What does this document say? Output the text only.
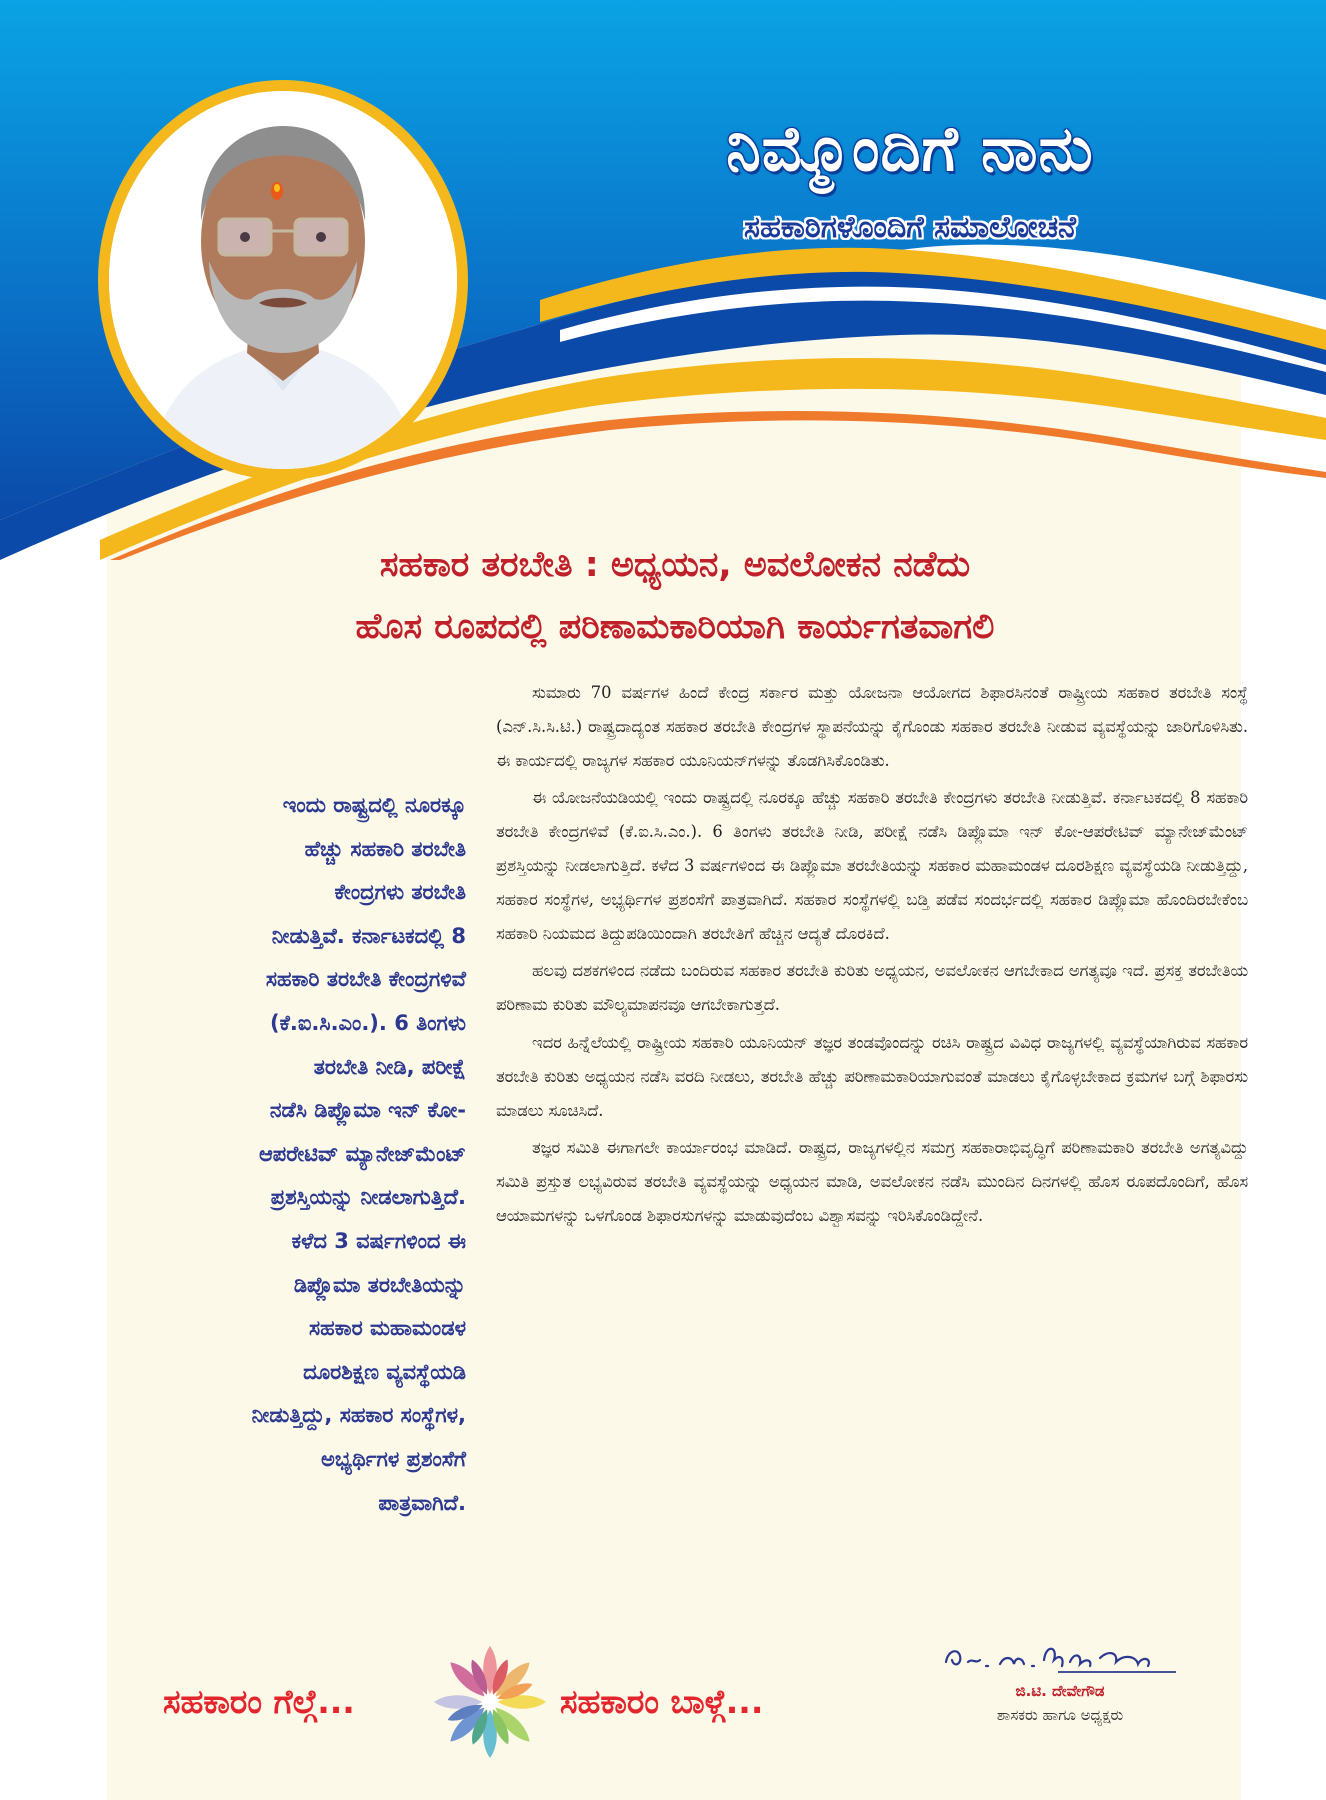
ನಿಮ್ಮೊಂದಿಗೆ ನಾನು
ಸಹಕಾರಿಗಳೊಂದಿಗೆ ಸಮಾಲೋಚನೆ
ಸಹಕಾರ ತರಬೇತಿ : ಅಧ್ಯಯನ, ಅವಲೋಕನ ನಡೆದು
ಹೊಸ ರೂಪದಲ್ಲಿ ಪರಿಣಾಮಕಾರಿಯಾಗಿ ಕಾರ್ಯಗತವಾಗಲಿ
ಇಂದು ರಾಷ್ಟ್ರದಲ್ಲಿ ನೂರಕ್ಕೂ
ಹೆಚ್ಚು ಸಹಕಾರಿ ತರಬೇತಿ
ಕೇಂದ್ರಗಳು ತರಬೇತಿ
ನೀಡುತ್ತಿವೆ. ಕರ್ನಾಟಕದಲ್ಲಿ 8
ಸಹಕಾರಿ ತರಬೇತಿ ಕೇಂದ್ರಗಳಿವೆ
(ಕೆ.ಐ.ಸಿ.ಎಂ.). 6 ತಿಂಗಳು
ತರಬೇತಿ ನೀಡಿ, ಪರೀಕ್ಷೆ
ನಡೆಸಿ ಡಿಪ್ಲೊಮಾ ಇನ್ ಕೋ-
ಆಪರೇಟಿವ್ ಮ್ಯಾನೇಜ್‌ಮೆಂಟ್
ಪ್ರಶಸ್ತಿಯನ್ನು ನೀಡಲಾಗುತ್ತಿದೆ.
ಕಳೆದ 3 ವರ್ಷಗಳಿಂದ ಈ
ಡಿಪ್ಲೊಮಾ ತರಬೇತಿಯನ್ನು
ಸಹಕಾರ ಮಹಾಮಂಡಳ
ದೂರಶಿಕ್ಷಣ ವ್ಯವಸ್ಥೆಯಡಿ
ನೀಡುತ್ತಿದ್ದು, ಸಹಕಾರ ಸಂಸ್ಥೆಗಳ,
ಅಭ್ಯರ್ಥಿಗಳ ಪ್ರಶಂಸೆಗೆ
ಪಾತ್ರವಾಗಿದೆ.

ಸುಮಾರು 70 ವರ್ಷಗಳ ಹಿಂದೆ ಕೇಂದ್ರ ಸರ್ಕಾರ ಮತ್ತು ಯೋಜನಾ ಆಯೋಗದ ಶಿಫಾರಸಿನಂತೆ ರಾಷ್ಟ್ರೀಯ ಸಹಕಾರ ತರಬೇತಿ ಸಂಸ್ಥೆ (ಎನ್.ಸಿ.ಸಿ.ಟಿ.) ರಾಷ್ಟ್ರದಾದ್ಯಂತ ಸಹಕಾರ ತರಬೇತಿ ಕೇಂದ್ರಗಳ ಸ್ಥಾಪನೆಯನ್ನು ಕೈಗೊಂಡು ಸಹಕಾರ ತರಬೇತಿ ನೀಡುವ ವ್ಯವಸ್ಥೆಯನ್ನು ಜಾರಿಗೊಳಿಸಿತು. ಈ ಕಾರ್ಯದಲ್ಲಿ ರಾಜ್ಯಗಳ ಸಹಕಾರ ಯೂನಿಯನ್‌ಗಳನ್ನು ತೊಡಗಿಸಿಕೊಂಡಿತು.

ಈ ಯೋಜನೆಯಡಿಯಲ್ಲಿ ಇಂದು ರಾಷ್ಟ್ರದಲ್ಲಿ ನೂರಕ್ಕೂ ಹೆಚ್ಚು ಸಹಕಾರಿ ತರಬೇತಿ ಕೇಂದ್ರಗಳು ತರಬೇತಿ ನೀಡುತ್ತಿವೆ. ಕರ್ನಾಟಕದಲ್ಲಿ 8 ಸಹಕಾರಿ ತರಬೇತಿ ಕೇಂದ್ರಗಳಿವೆ (ಕೆ.ಐ.ಸಿ.ಎಂ.). 6 ತಿಂಗಳು ತರಬೇತಿ ನೀಡಿ, ಪರೀಕ್ಷೆ ನಡೆಸಿ ಡಿಪ್ಲೊಮಾ ಇನ್ ಕೋ-ಆಪರೇಟಿವ್ ಮ್ಯಾನೇಜ್‌ಮೆಂಟ್ ಪ್ರಶಸ್ತಿಯನ್ನು ನೀಡಲಾಗುತ್ತಿದೆ. ಕಳೆದ 3 ವರ್ಷಗಳಿಂದ ಈ ಡಿಪ್ಲೊಮಾ ತರಬೇತಿಯನ್ನು ಸಹಕಾರ ಮಹಾಮಂಡಳ ದೂರಶಿಕ್ಷಣ ವ್ಯವಸ್ಥೆಯಡಿ ನೀಡುತ್ತಿದ್ದು, ಸಹಕಾರ ಸಂಸ್ಥೆಗಳ, ಅಭ್ಯರ್ಥಿಗಳ ಪ್ರಶಂಸೆಗೆ ಪಾತ್ರವಾಗಿದೆ. ಸಹಕಾರ ಸಂಸ್ಥೆಗಳಲ್ಲಿ ಬಡ್ತಿ ಪಡೆವ ಸಂದರ್ಭದಲ್ಲಿ ಸಹಕಾರ ಡಿಪ್ಲೊಮಾ ಹೊಂದಿರಬೇಕೆಂಬ ಸಹಕಾರಿ ನಿಯಮದ ತಿದ್ದುಪಡಿಯಿಂದಾಗಿ ತರಬೇತಿಗೆ ಹೆಚ್ಚಿನ ಆದ್ಯತೆ ದೊರಕಿದೆ.

ಹಲವು ದಶಕಗಳಿಂದ ನಡೆದು ಬಂದಿರುವ ಸಹಕಾರ ತರಬೇತಿ ಕುರಿತು ಅಧ್ಯಯನ, ಅವಲೋಕನ ಆಗಬೇಕಾದ ಅಗತ್ಯವೂ ಇದೆ. ಪ್ರಸಕ್ತ ತರಬೇತಿಯ ಪರಿಣಾಮ ಕುರಿತು ಮೌಲ್ಯಮಾಪನವೂ ಆಗಬೇಕಾಗುತ್ತದೆ.

ಇದರ ಹಿನ್ನೆಲೆಯಲ್ಲಿ ರಾಷ್ಟ್ರೀಯ ಸಹಕಾರಿ ಯೂನಿಯನ್ ತಜ್ಞರ ತಂಡವೊಂದನ್ನು ರಚಿಸಿ ರಾಷ್ಟ್ರದ ವಿವಿಧ ರಾಜ್ಯಗಳಲ್ಲಿ ವ್ಯವಸ್ಥೆಯಾಗಿರುವ ಸಹಕಾರ ತರಬೇತಿ ಕುರಿತು ಅಧ್ಯಯನ ನಡೆಸಿ ವರದಿ ನೀಡಲು, ತರಬೇತಿ ಹೆಚ್ಚು ಪರಿಣಾಮಕಾರಿಯಾಗುವಂತೆ ಮಾಡಲು ಕೈಗೊಳ್ಳಬೇಕಾದ ಕ್ರಮಗಳ ಬಗ್ಗೆ ಶಿಫಾರಸು ಮಾಡಲು ಸೂಚಿಸಿದೆ.

ತಜ್ಞರ ಸಮಿತಿ ಈಗಾಗಲೇ ಕಾರ್ಯಾರಂಭ ಮಾಡಿದೆ. ರಾಷ್ಟ್ರದ, ರಾಜ್ಯಗಳಲ್ಲಿನ ಸಮಗ್ರ ಸಹಕಾರಾಭಿವೃದ್ಧಿಗೆ ಪರಿಣಾಮಕಾರಿ ತರಬೇತಿ ಅಗತ್ಯವಿದ್ದು ಸಮಿತಿ ಪ್ರಸ್ತುತ ಲಭ್ಯವಿರುವ ತರಬೇತಿ ವ್ಯವಸ್ಥೆಯನ್ನು ಅಧ್ಯಯನ ಮಾಡಿ, ಅವಲೋಕನ ನಡೆಸಿ ಮುಂದಿನ ದಿನಗಳಲ್ಲಿ ಹೊಸ ರೂಪದೊಂದಿಗೆ, ಹೊಸ ಆಯಾಮಗಳನ್ನು ಒಳಗೊಂಡ ಶಿಫಾರಸುಗಳನ್ನು ಮಾಡುವುದೆಂಬ ವಿಶ್ವಾಸವನ್ನು ಇರಿಸಿಕೊಂಡಿದ್ದೇನೆ.

ಸಹಕಾರಂ ಗೆಲ್ಗೆ...	ಸಹಕಾರಂ ಬಾಳ್ಗೆ...	ಜಿ.ಟಿ. ದೇವೇಗೌಡ
ಶಾಸಕರು ಹಾಗೂ ಅಧ್ಯಕ್ಷರು
